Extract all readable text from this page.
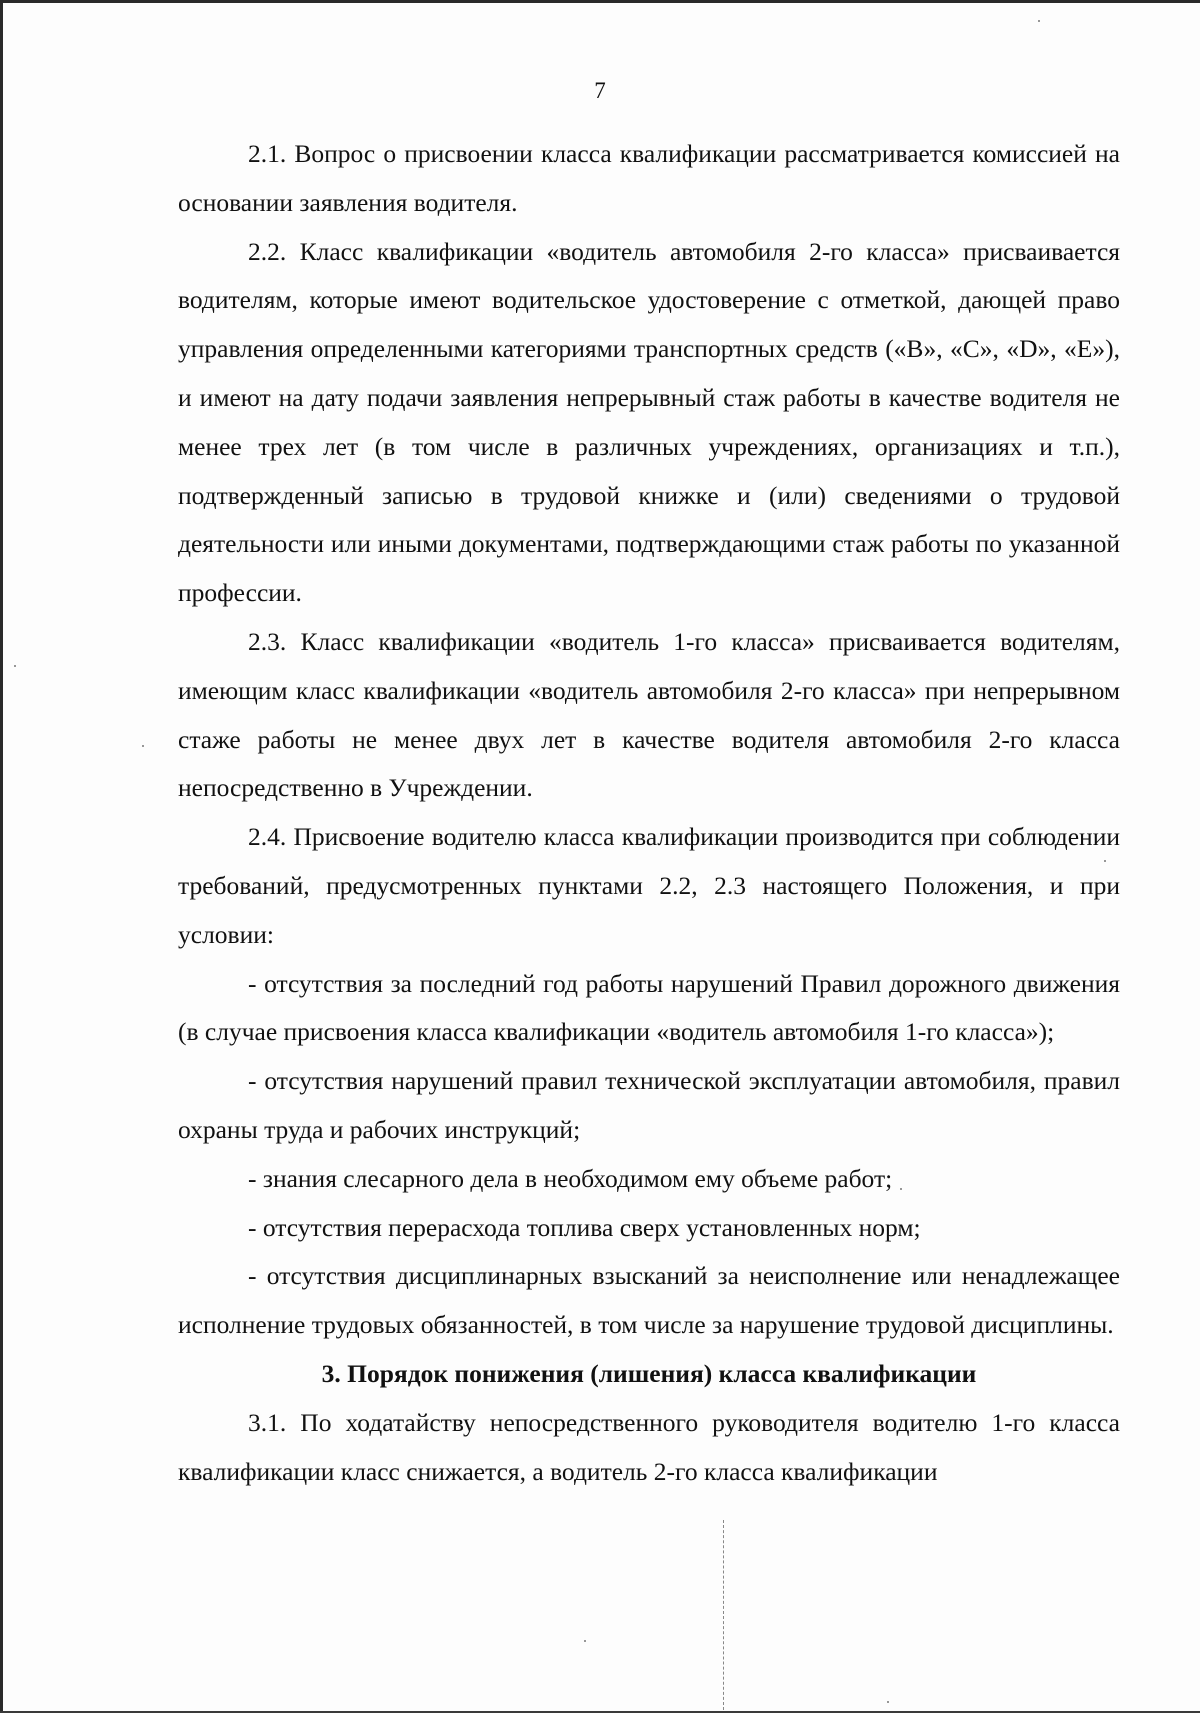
7

2.1. Вопрос о присвоении класса квалификации рассматривается комиссией на основании заявления водителя.

2.2. Класс квалификации «водитель автомобиля 2-го класса» присваивается водителям, которые имеют водительское удостоверение с отметкой, дающей право управления определенными категориями транспортных средств («B», «C», «D», «E»), и имеют на дату подачи заявления непрерывный стаж работы в качестве водителя не менее трех лет (в том числе в различных учреждениях, организациях и т.п.), подтвержденный записью в трудовой книжке и (или) сведениями о трудовой деятельности или иными документами, подтверждающими стаж работы по указанной профессии.

2.3. Класс квалификации «водитель 1-го класса» присваивается водителям, имеющим класс квалификации «водитель автомобиля 2-го класса» при непрерывном стаже работы не менее двух лет в качестве водителя автомобиля 2-го класса непосредственно в Учреждении.

2.4. Присвоение водителю класса квалификации производится при соблюдении требований, предусмотренных пунктами 2.2, 2.3 настоящего Положения, и при условии:

- отсутствия за последний год работы нарушений Правил дорожного движения (в случае присвоения класса квалификации «водитель автомобиля 1-го класса»);

- отсутствия нарушений правил технической эксплуатации автомобиля, правил охраны труда и рабочих инструкций;

- знания слесарного дела в необходимом ему объеме работ;

- отсутствия перерасхода топлива сверх установленных норм;

- отсутствия дисциплинарных взысканий за неисполнение или ненадлежащее исполнение трудовых обязанностей, в том числе за нарушение трудовой дисциплины.

3. Порядок понижения (лишения) класса квалификации

3.1. По ходатайству непосредственного руководителя водителю 1-го класса квалификации класс снижается, а водитель 2-го класса квалификации
